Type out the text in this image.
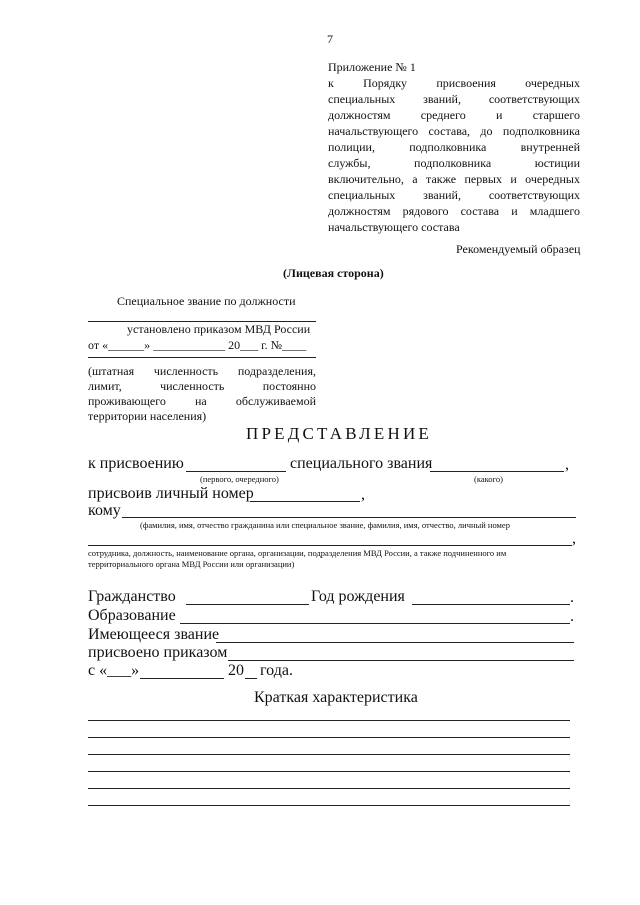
7
Приложение № 1
к Порядку присвоения очередных
специальных званий, соответствующих
должностям среднего и старшего
начальствующего состава, до подполковника
полиции, подполковника внутренней
службы, подполковника юстиции
включительно, а также первых и очередных
специальных званий, соответствующих
должностям рядового состава и младшего
начальствующего состава
Рекомендуемый образец
(Лицевая сторона)
Специальное звание по должности
установлено приказом МВД России
от «______» ____________ 20___ г. №____
(штатная численность подразделения,
лимит, численность постоянно
проживающего на обслуживаемой
территории населения)
ПРЕДСТАВЛЕНИЕ
к присвоению	специального звания	,
(первого, очередного)	(какого)
присвоив личный номер	,
кому
(фамилия, имя, отчество гражданина или специальное звание, фамилия, имя, отчество, личный номер
,
сотрудника, должность, наименование органа, организации, подразделения МВД России, а также подчиненного им
территориального органа МВД России или организации)
Гражданство	Год рождения	.
Образование	.
Имеющееся звание
присвоено приказом
с «___»	20 года.
Краткая характеристика
